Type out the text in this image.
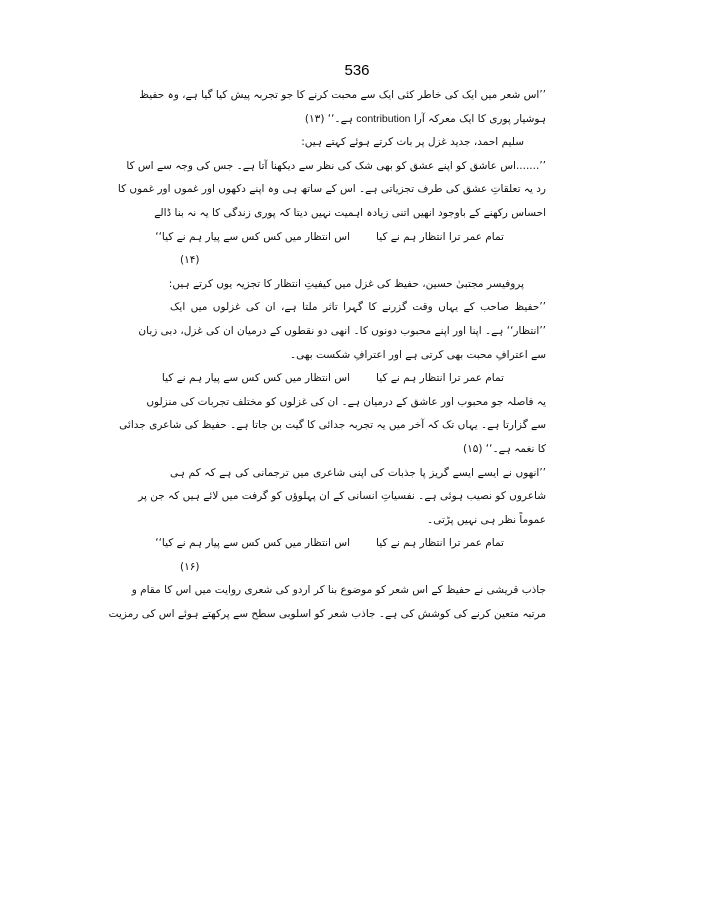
536
’’اس شعر میں ایک کی خاطر کئی ایک سے محبت کرنے کا جو تجربہ پیش کیا گیا ہے، وہ حفیظ
ہوشیار پوری کا ایک معرکہ آرا contribution ہے۔‘‘ (۱۳)
سلیم احمد، جدید غزل پر بات کرتے ہوئے کہتے ہیں:
’’.......اس عاشق کو اپنے عشق کو بھی شک کی نظر سے دیکھنا آتا ہے۔ جس کی وجہ سے اس کا
رد یہ تعلقاتِ عشق کی طرف تجزیاتی ہے۔ اس کے ساتھ ہی وہ اپنے دکھوں اور غموں اور غموں کا
احساس رکھنے کے باوجود انھیں اتنی زیادہ اہمیت نہیں دیتا کہ پوری زندگی کا یہ نہ بنا ڈالے
تمام عمر ترا انتظار ہم نے کیا
اس انتظار میں کس کس سے پیار ہم نے کیا‘‘
(۱۴)
پروفیسر مجتبیٰ حسین، حفیظ کی غزل میں کیفیتِ انتظار کا تجزیہ یوں کرتے ہیں:
’’حفیظ صاحب کے یہاں وقت گزرنے کا گہرا تاثر ملتا ہے، ان کی غزلوں میں ایک
’’انتظار‘‘ ہے۔ اپنا اور اپنے محبوب دونوں کا۔ انھی دو نقطوں کے درمیان ان کی غزل، دبی زبان
سے اعترافِ محبت بھی کرتی ہے اور اعترافِ شکست بھی۔
تمام عمر ترا انتظار ہم نے کیا
اس انتظار میں کس کس سے پیار ہم نے کیا
یہ فاصلہ جو محبوب اور عاشق کے درمیان ہے۔ ان کی غزلوں کو مختلف تجربات کی منزلوں
سے گزارتا ہے۔ یہاں تک کہ آخر میں یہ تجربہ جدائی کا گیت بن جاتا ہے۔ حفیظ کی شاعری جدائی
کا نغمہ ہے۔‘‘ (۱۵)
’’انھوں نے ایسے ایسے گریز پا جذبات کی اپنی شاعری میں ترجمانی کی ہے کہ کم ہی
شاعروں کو نصیب ہوئی ہے۔ نفسیاتِ انسانی کے ان پہلوؤں کو گرفت میں لائے ہیں کہ جن پر
عموماً نظر ہی نہیں پڑتی۔
تمام عمر ترا انتظار ہم نے کیا
اس انتظار میں کس کس سے پیار ہم نے کیا‘‘
(۱۶)
جاذب قریشی نے حفیظ کے اس شعر کو موضوع بنا کر اردو کی شعری روایت میں اس کا مقام و
مرتبہ متعین کرنے کی کوشش کی ہے۔ جاذب شعر کو اسلوبی سطح سے پرکھتے ہوئے اس کی رمزیت
